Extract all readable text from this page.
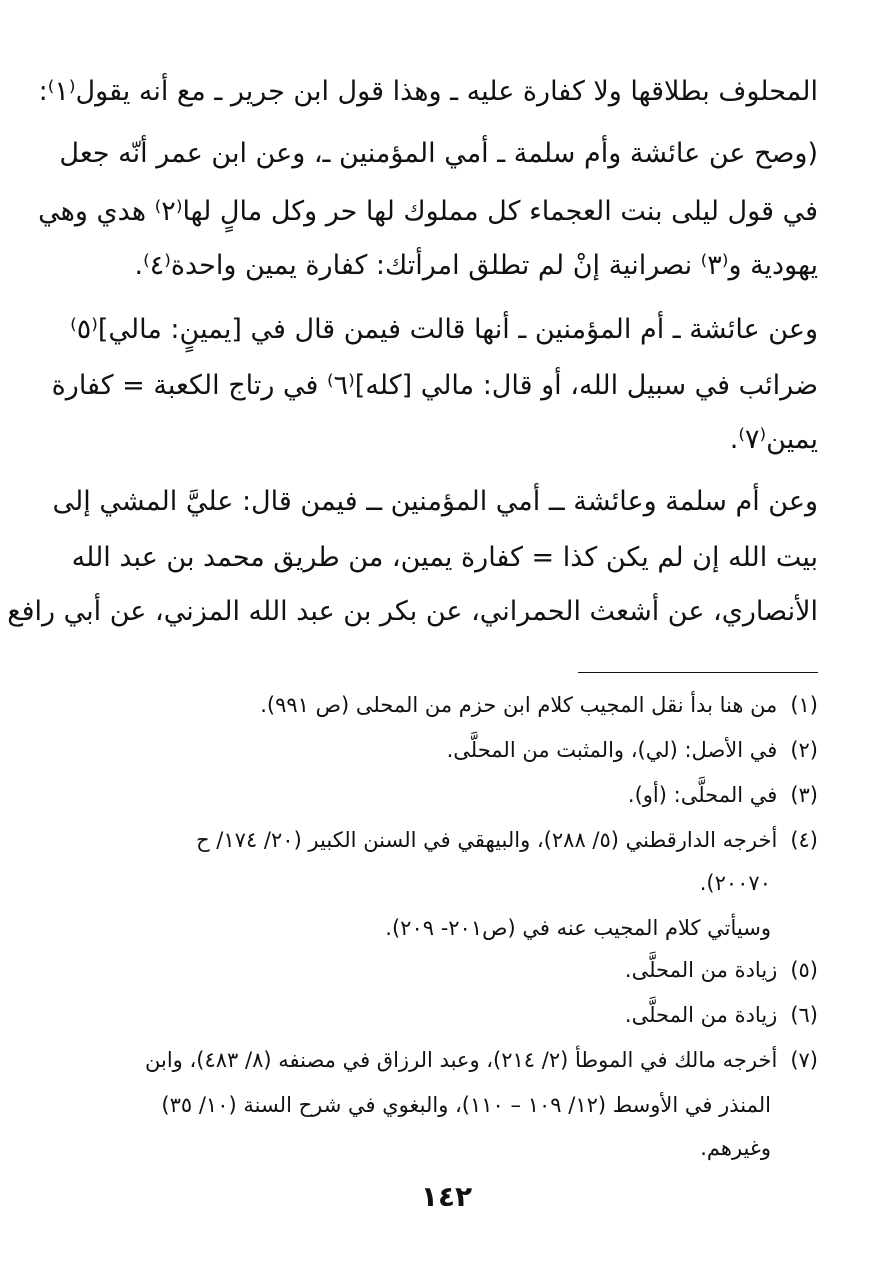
المحلوف بطلاقها ولا كفارة عليه ـ وهذا قول ابن جرير ـ مع أنه يقول⁽١⁾:
(وصح عن عائشة وأم سلمة ـ أمي المؤمنين ـ، وعن ابن عمر أنّه جعل
في قول ليلى بنت العجماء كل مملوك لها حر وكل مالٍ لها⁽٢⁾ هدي وهي
يهودية و⁽٣⁾ نصرانية إنْ لم تطلق امرأتك: كفارة يمين واحدة⁽٤⁾.
وعن عائشة ـ أم المؤمنين ـ أنها قالت فيمن قال في [يمينٍ: مالي]⁽٥⁾
ضرائب في سبيل الله، أو قال: مالي [كله]⁽٦⁾ في رتاج الكعبة = كفارة
يمين⁽٧⁾.
وعن أم سلمة وعائشة ــ أمي المؤمنين ــ فيمن قال: عليَّ المشي إلى
بيت الله إن لم يكن كذا = كفارة يمين، من طريق محمد بن عبد الله
الأنصاري، عن أشعث الحمراني، عن بكر بن عبد الله المزني، عن أبي رافع
(١) من هنا بدأ نقل المجيب كلام ابن حزم من المحلى (ص ٩٩١).
(٢) في الأصل: (لي)، والمثبت من المحلَّى.
(٣) في المحلَّى: (أو).
(٤) أخرجه الدارقطني (٥/ ٢٨٨)، والبيهقي في السنن الكبير (٢٠/ ١٧٤/ ح
٢٠٠٧٠).
وسيأتي كلام المجيب عنه في (ص٢٠١- ٢٠٩).
(٥) زيادة من المحلَّى.
(٦) زيادة من المحلَّى.
(٧) أخرجه مالك في الموطأ (٢/ ٢١٤)، وعبد الرزاق في مصنفه (٨/ ٤٨٣)، وابن
المنذر في الأوسط (١٢/ ١٠٩ – ١١٠)، والبغوي في شرح السنة (١٠/ ٣٥)
وغيرهم.
١٤٢
